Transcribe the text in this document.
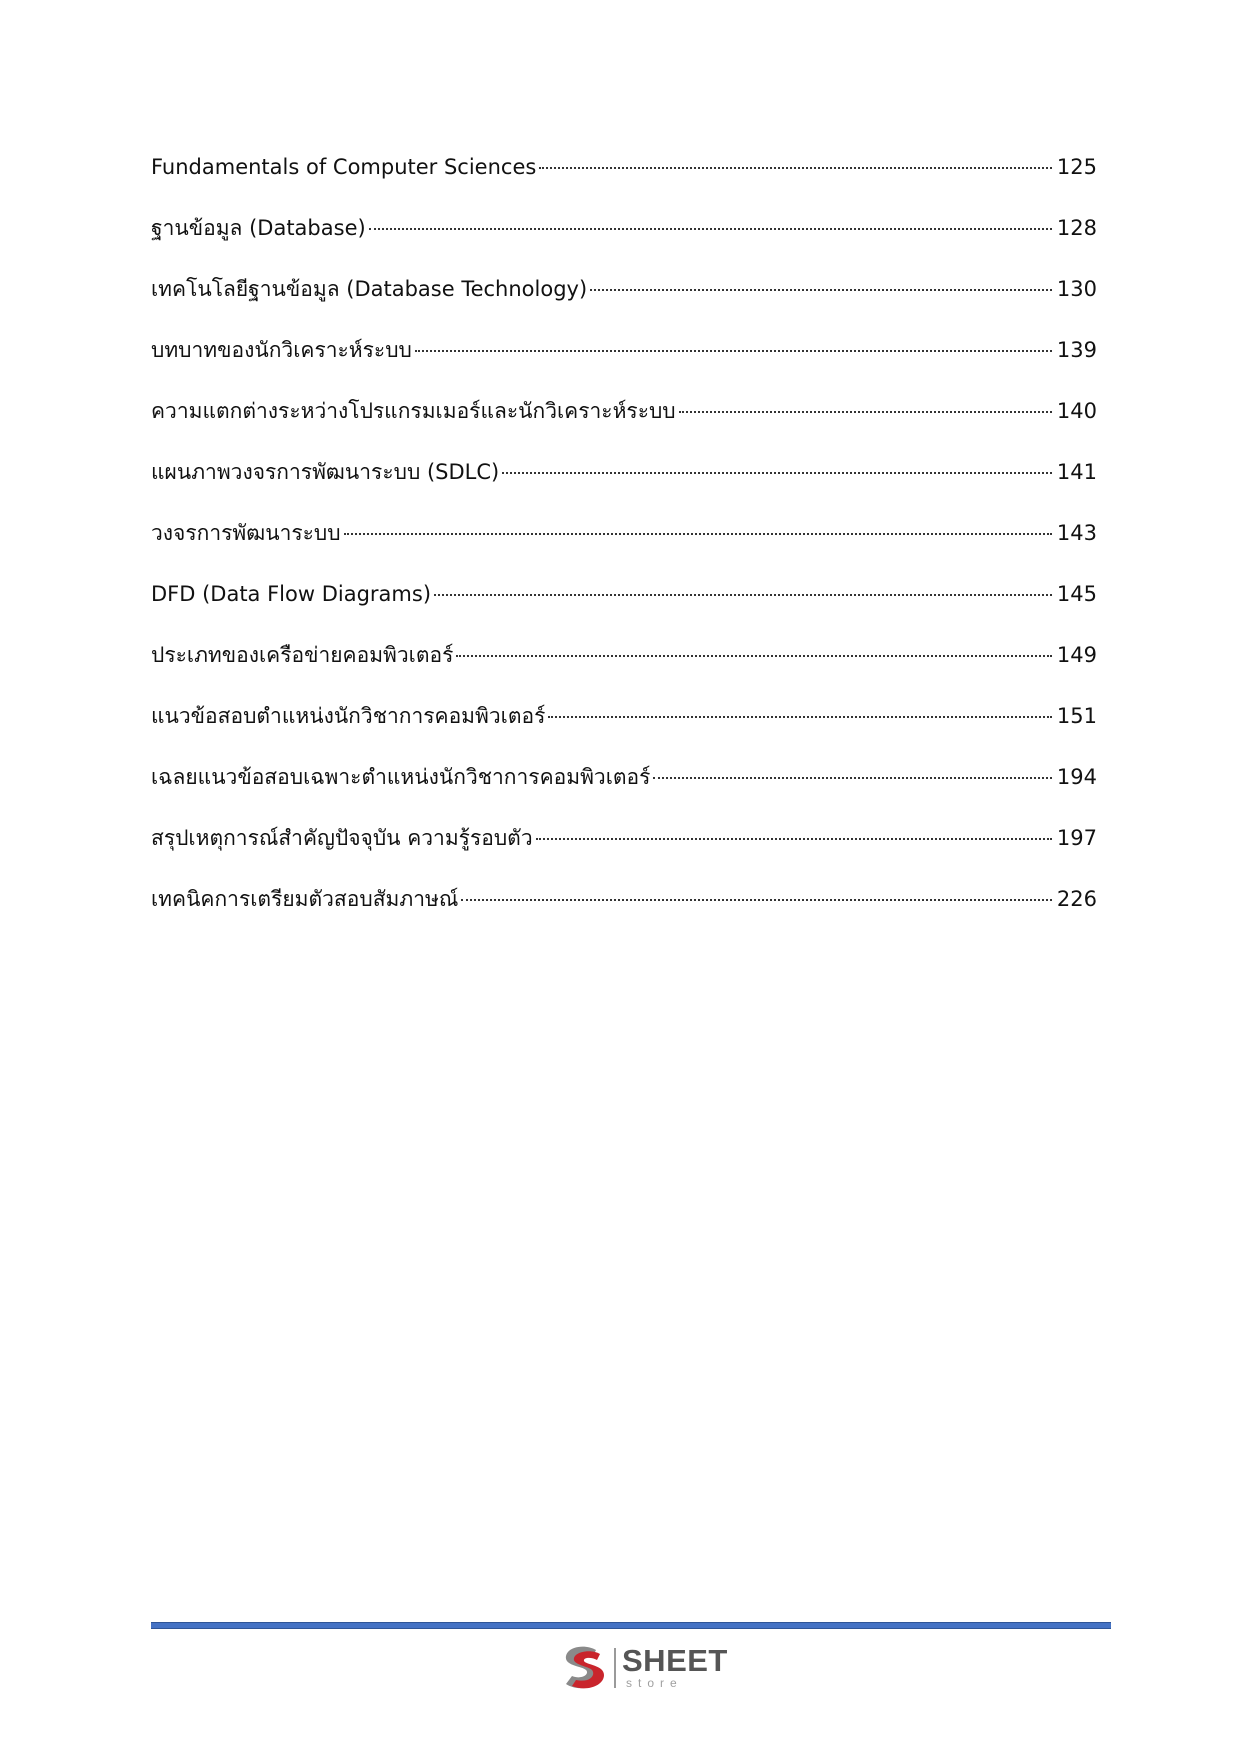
Fundamentals of Computer Sciences	125
ฐานข้อมูล (Database)	128
เทคโนโลยีฐานข้อมูล (Database Technology)	130
บทบาทของนักวิเคราะห์ระบบ	139
ความแตกต่างระหว่างโปรแกรมเมอร์และนักวิเคราะห์ระบบ	140
แผนภาพวงจรการพัฒนาระบบ (SDLC)	141
วงจรการพัฒนาระบบ	143
DFD (Data Flow Diagrams)	145
ประเภทของเครือข่ายคอมพิวเตอร์	149
แนวข้อสอบตำแหน่งนักวิชาการคอมพิวเตอร์	151
เฉลยแนวข้อสอบเฉพาะตำแหน่งนักวิชาการคอมพิวเตอร์	194
สรุปเหตุการณ์สำคัญปัจจุบัน ความรู้รอบตัว	197
เทคนิคการเตรียมตัวสอบสัมภาษณ์	226
SHEET
store
